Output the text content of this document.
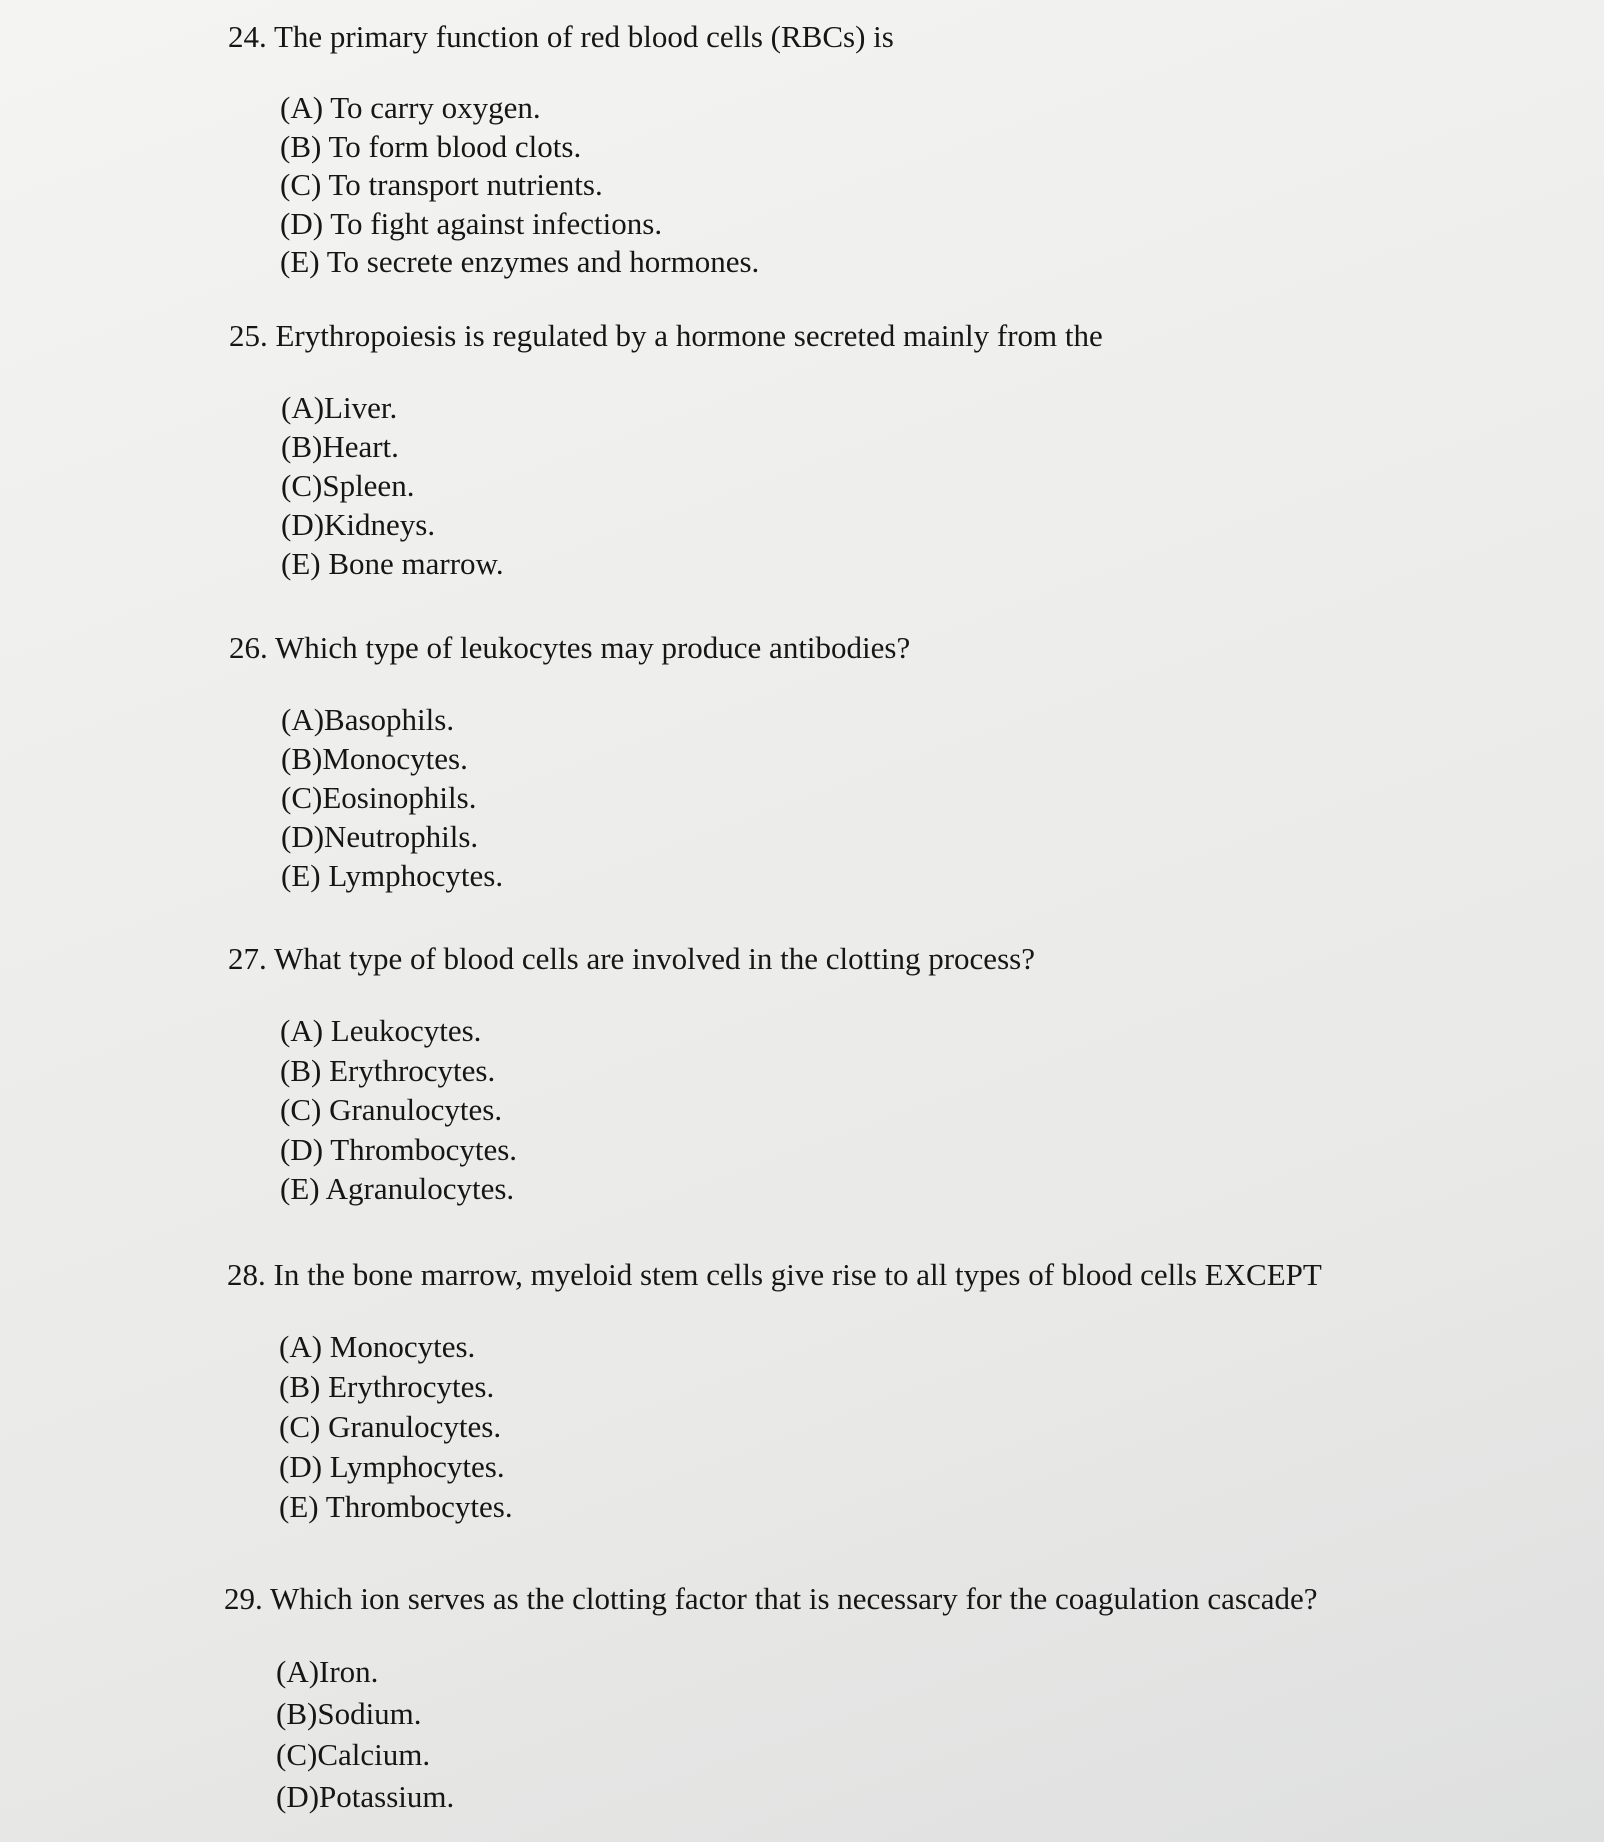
24. The primary function of red blood cells (RBCs) is

(A) To carry oxygen.
(B) To form blood clots.
(C) To transport nutrients.
(D) To fight against infections.
(E) To secrete enzymes and hormones.

25. Erythropoiesis is regulated by a hormone secreted mainly from the

(A)Liver.
(B)Heart.
(C)Spleen.
(D)Kidneys.
(E) Bone marrow.

26. Which type of leukocytes may produce antibodies?

(A)Basophils.
(B)Monocytes.
(C)Eosinophils.
(D)Neutrophils.
(E) Lymphocytes.

27. What type of blood cells are involved in the clotting process?

(A) Leukocytes.
(B) Erythrocytes.
(C) Granulocytes.
(D) Thrombocytes.
(E) Agranulocytes.

28. In the bone marrow, myeloid stem cells give rise to all types of blood cells EXCEPT

(A) Monocytes.
(B) Erythrocytes.
(C) Granulocytes.
(D) Lymphocytes.
(E) Thrombocytes.

29. Which ion serves as the clotting factor that is necessary for the coagulation cascade?

(A)Iron.
(B)Sodium.
(C)Calcium.
(D)Potassium.
